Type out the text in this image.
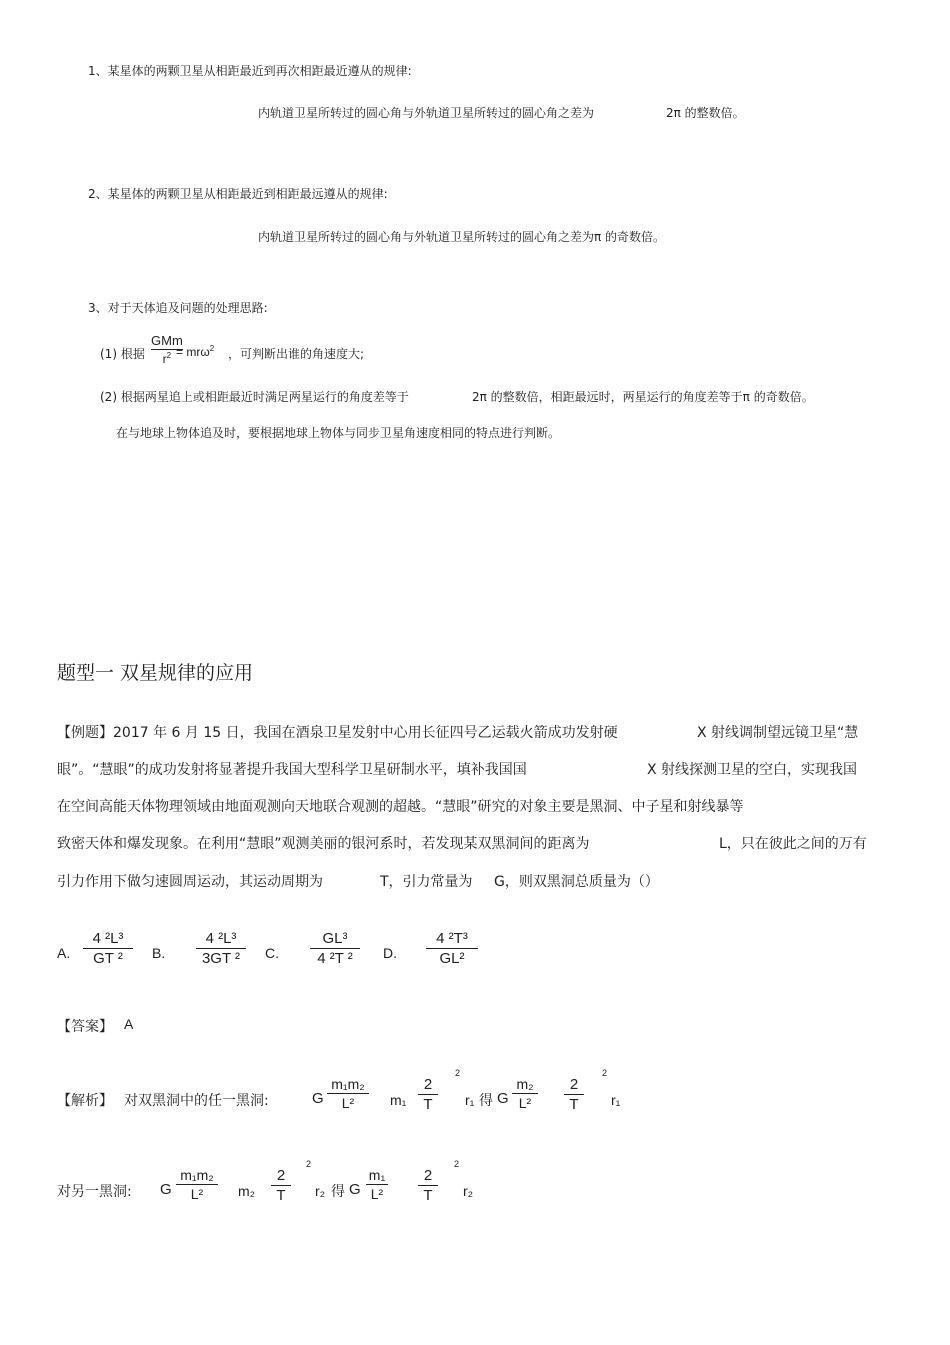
1、某星体的两颗卫星从相距最近到再次相距最近遵从的规律:
内轨道卫星所转过的圆心角与外轨道卫星所转过的圆心角之差为	2π 的整数倍。
2、某星体的两颗卫星从相距最近到相距最远遵从的规律:
内轨道卫星所转过的圆心角与外轨道卫星所转过的圆心角之差为π 的奇数倍。
3、对于天体追及问题的处理思路:
(1) 根据
GMm
$r^2 = mr\omega^2$ ，可判断出谁的角速度大;
(2) 根据两星追上或相距最近时满足两星运行的角度差等于	2π 的整数倍，相距最远时，两星运行的角度差等于π 的奇数倍。
在与地球上物体追及时，要根据地球上物体与同步卫星角速度相同的特点进行判断。
题型一 双星规律的应用
【例题】2017 年 6 月 15 日，我国在酒泉卫星发射中心用长征四号乙运载火箭成功发射硬	X 射线调制望远镜卫星“慧
眼”。“慧眼”的成功发射将显著提升我国大型科学卫星研制水平，填补我国国	X 射线探测卫星的空白，实现我国
在空间高能天体物理领域由地面观测向天地联合观测的超越。“慧眼”研究的对象主要是黑洞、中子星和射线暴等
致密天体和爆发现象。在利用“慧眼”观测美丽的银河系时，若发现某双黑洞间的距离为	L，只在彼此之间的万有
引力作用下做匀速圆周运动，其运动周期为	T，引力常量为 G，则双黑洞总质量为（）
A.
4 ²L³
GT ²	B.
4 ²L³
3GT ²	C.
GL³
4 ²T ²	D.
4 ²T³
GL²
【答案】 A
【解析】 对双黑洞中的任一黑洞:	G
m₁m₂
L²	m₁
2
T
2
r₁ 得 G
m₂
L²
2
T
2
r₁
对另一黑洞: G
m₁m₂
L²	m₂
2
T
2
r₂ 得 G
m₁
L²
2
T
2
r₂
